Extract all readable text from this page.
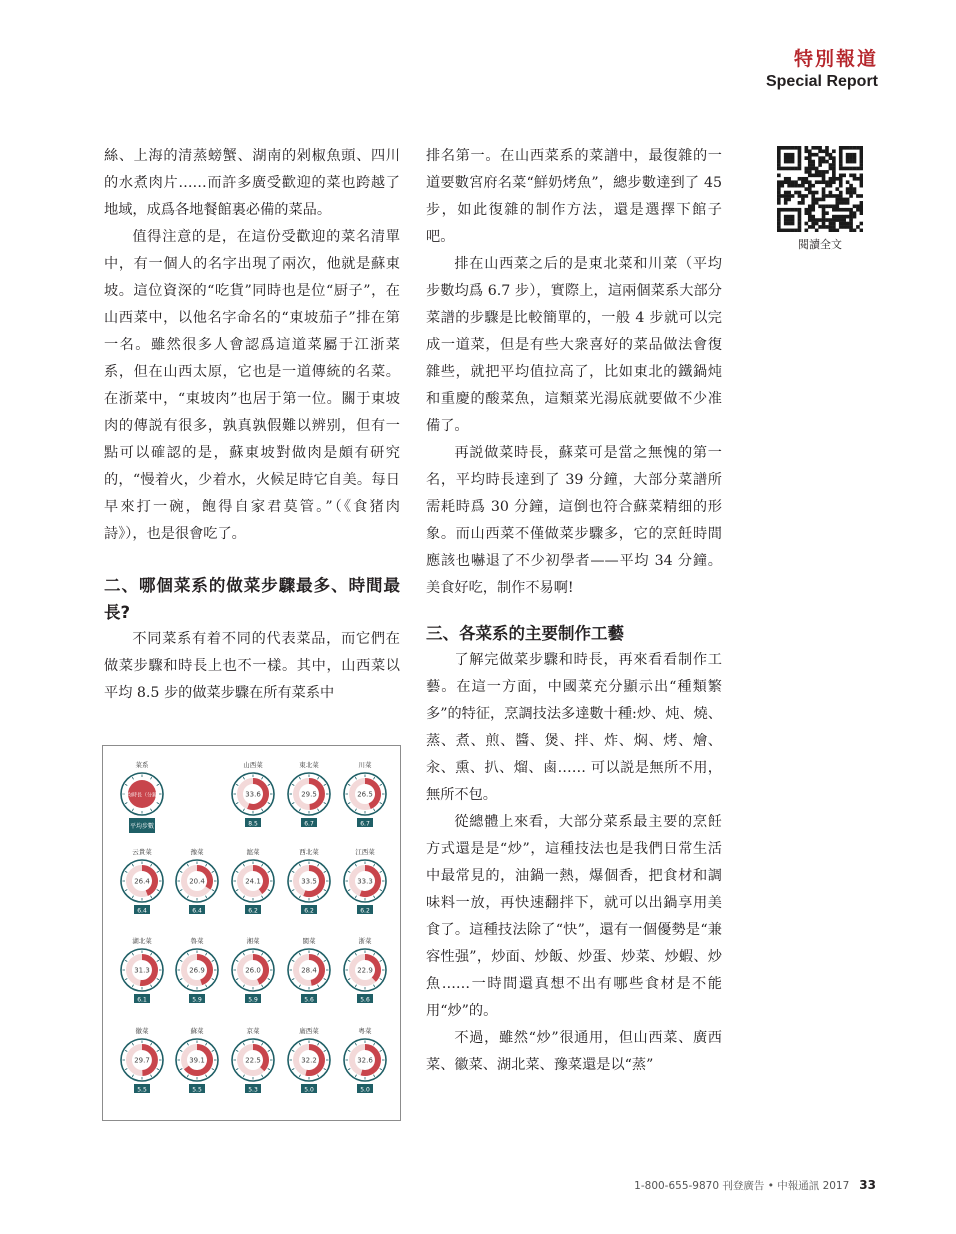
特別報道
Special Report

絲、上海的清蒸螃蟹、湖南的剁椒魚頭、四川的水煮肉片……而許多廣受歡迎的菜也跨越了地域，成爲各地餐館裏必備的菜品。

值得注意的是，在這份受歡迎的菜名清單中，有一個人的名字出現了兩次，他就是蘇東坡。這位資深的“吃貨”同時也是位“厨子”，在山西菜中，以他名字命名的“東坡茄子”排在第一名。雖然很多人會認爲這道菜屬于江浙菜系，但在山西太原，它也是一道傳統的名菜。在浙菜中，“東坡肉”也居于第一位。關于東坡肉的傳説有很多，孰真孰假難以辨别，但有一點可以確認的是，蘇東坡對做肉是頗有研究的，“慢着火，少着水，火候足時它自美。每日早來打一碗，飽得自家君莫管。”（《食猪肉詩》），也是很會吃了。

二、哪個菜系的做菜步驟最多、時間最長?

不同菜系有着不同的代表菜品，而它們在做菜步驟和時長上也不一樣。其中，山西菜以平均 8.5 步的做菜步驟在所有菜系中

排名第一。在山西菜系的菜譜中，最復雜的一道要數宮府名菜“鮮奶烤魚”，總步數達到了 45 步，如此復雜的制作方法，還是選擇下館子吧。

排在山西菜之后的是東北菜和川菜（平均步數均爲 6.7 步），實際上，這兩個菜系大部分菜譜的步驟是比較簡單的，一般 4 步就可以完成一道菜，但是有些大衆喜好的菜品做法會復雜些，就把平均值拉高了，比如東北的鐵鍋炖和重慶的酸菜魚，這類菜光湯底就要做不少准備了。

再説做菜時長，蘇菜可是當之無愧的第一名，平均時長達到了 39 分鐘，大部分菜譜所需耗時爲 30 分鐘，這倒也符合蘇菜精细的形象。而山西菜不僅做菜步驟多，它的烹飪時間應該也嚇退了不少初學者——平均 34 分鐘。美食好吃，制作不易啊!

三、各菜系的主要制作工藝

了解完做菜步驟和時長，再來看看制作工藝。在這一方面，中國菜充分顯示出“種類繁多”的特征，烹調技法多達數十種:炒、炖、燒、蒸、煮、煎、醬、煲、拌、炸、焖、烤、燴、汆、熏、扒、熘、鹵…… 可以説是無所不用，無所不包。

從總體上來看，大部分菜系最主要的烹飪方式還是是“炒”，這種技法也是我們日常生活中最常見的，油鍋一熱，爆個香，把食材和調味料一放，再快速翻拌下，就可以出鍋享用美食了。這種技法除了“快”，還有一個優勢是“兼容性强”，炒面、炒飯、炒蛋、炒菜、炒蝦、炒魚……一時間還真想不出有哪些食材是不能用“炒”的。

不過，雖然“炒”很通用，但山西菜、廣西菜、徽菜、湖北菜、豫菜還是以“蒸”

閱讀全文
菜系
平均時長（分鐘）
平均步數
山西菜
33.6
8.5
東北菜
29.5
6.7
川菜
26.5
6.7
云貴菜
26.4
6.4
豫菜
20.4
6.4
滬菜
24.1
6.2
西北菜
33.5
6.2
江西菜
33.3
6.2
湖北菜
31.3
6.1
魯菜
26.9
5.9
湘菜
26.0
5.9
閩菜
28.4
5.6
浙菜
22.9
5.6
徽菜
29.7
5.5
蘇菜
39.1
5.5
京菜
22.5
5.3
廣西菜
32.2
5.0
粤菜
32.6
5.0
1-800-655-9870 刊登廣告 • 中報通訊 2017 33
